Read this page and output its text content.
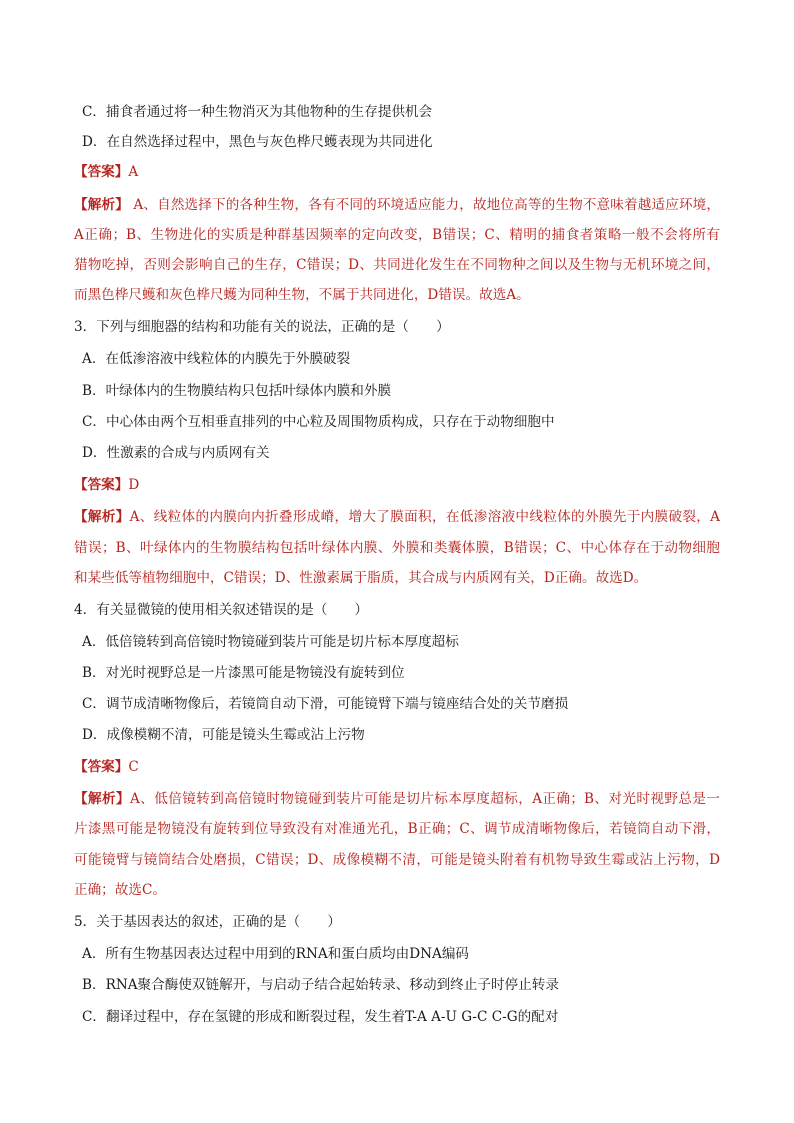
C．捕食者通过将一种生物消灭为其他物种的生存提供机会
D．在自然选择过程中，黑色与灰色桦尺蠖表现为共同进化
【答案】A
【解析】 A、自然选择下的各种生物，各有不同的环境适应能力，故地位高等的生物不意味着越适应环境，
A正确；B、生物进化的实质是种群基因频率的定向改变，B错误；C、精明的捕食者策略一般不会将所有
猎物吃掉，否则会影响自己的生存，C错误；D、共同进化发生在不同物种之间以及生物与无机环境之间，
而黑色桦尺蠖和灰色桦尺蠖为同种生物，不属于共同进化，D错误。故选A。
3．下列与细胞器的结构和功能有关的说法，正确的是（　　）
A．在低渗溶液中线粒体的内膜先于外膜破裂
B．叶绿体内的生物膜结构只包括叶绿体内膜和外膜
C．中心体由两个互相垂直排列的中心粒及周围物质构成，只存在于动物细胞中
D．性激素的合成与内质网有关
【答案】D
【解析】A、线粒体的内膜向内折叠形成嵴，增大了膜面积，在低渗溶液中线粒体的外膜先于内膜破裂，A
错误；B、叶绿体内的生物膜结构包括叶绿体内膜、外膜和类囊体膜，B错误；C、中心体存在于动物细胞
和某些低等植物细胞中，C错误；D、性激素属于脂质，其合成与内质网有关，D正确。故选D。
4．有关显微镜的使用相关叙述错误的是（　　）
A．低倍镜转到高倍镜时物镜碰到装片可能是切片标本厚度超标
B．对光时视野总是一片漆黑可能是物镜没有旋转到位
C．调节成清晰物像后，若镜筒自动下滑，可能镜臂下端与镜座结合处的关节磨损
D．成像模糊不清，可能是镜头生霉或沾上污物
【答案】C
【解析】A、低倍镜转到高倍镜时物镜碰到装片可能是切片标本厚度超标，A正确；B、对光时视野总是一
片漆黑可能是物镜没有旋转到位导致没有对准通光孔，B正确；C、调节成清晰物像后，若镜筒自动下滑，
可能镜臂与镜筒结合处磨损，C错误；D、成像模糊不清，可能是镜头附着有机物导致生霉或沾上污物，D
正确；故选C。
5．关于基因表达的叙述，正确的是（　　）
A．所有生物基因表达过程中用到的RNA和蛋白质均由DNA编码
B．RNA聚合酶使双链解开，与启动子结合起始转录、移动到终止子时停止转录
C．翻译过程中，存在氢键的形成和断裂过程，发生着T-A A-U G-C C-G的配对
